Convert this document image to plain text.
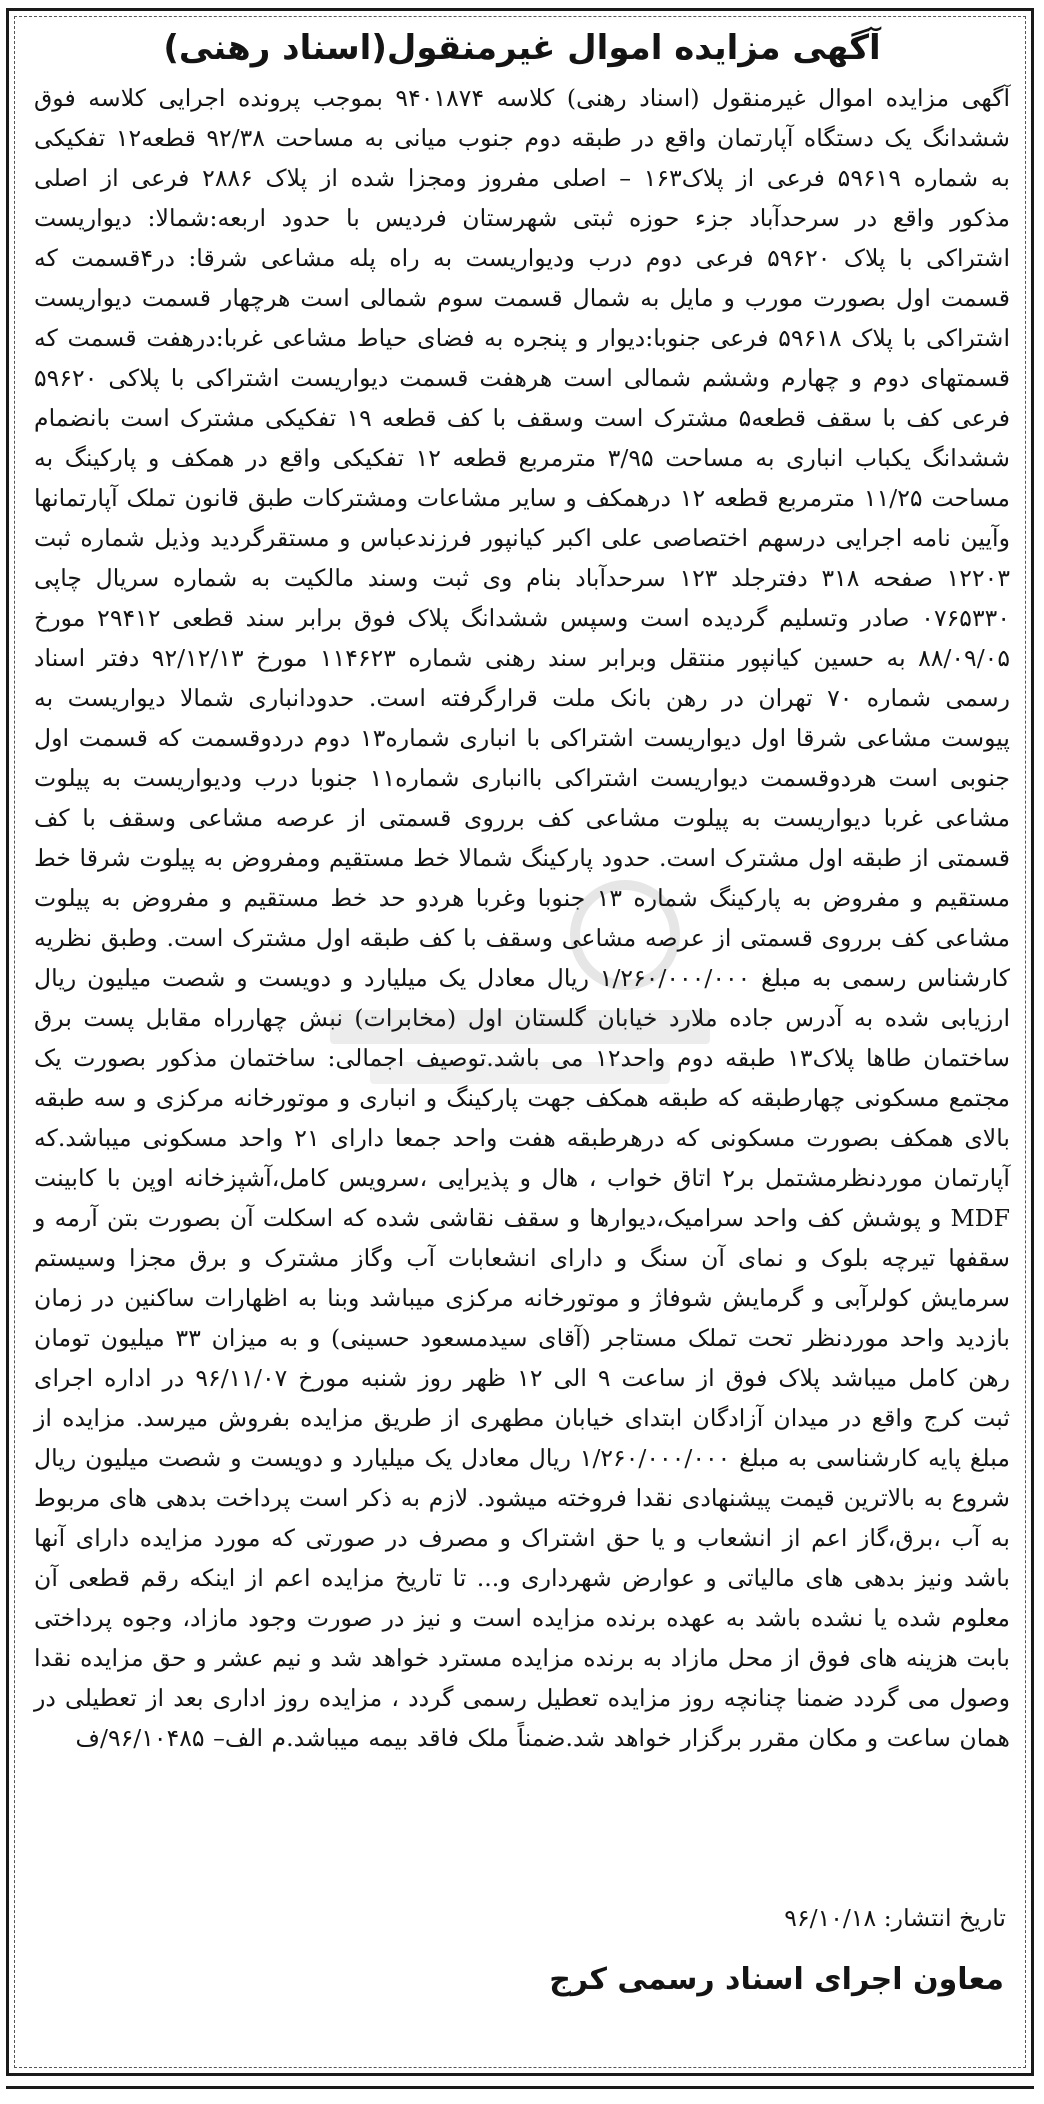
آگهی مزایده اموال غیرمنقول(اسناد رهنی)

آگهی مزایده اموال غیرمنقول (اسناد رهنی) کلاسه ۹۴۰۱۸۷۴ بموجب پرونده اجرایی کلاسه فوق ششدانگ یک دستگاه آپارتمان واقع در طبقه دوم جنوب میانی به مساحت ۹۲/۳۸ قطعه۱۲ تفکیکی به شماره ۵۹۶۱۹ فرعی از پلاک۱۶۳ – اصلی مفروز ومجزا شده از پلاک ۲۸۸۶ فرعی از اصلی مذکور واقع در سرحدآباد جزء حوزه ثبتی شهرستان فردیس با حدود اربعه:شمالا: دیواریست اشتراکی با پلاک ۵۹۶۲۰ فرعی دوم درب ودیواریست به راه پله مشاعی شرقا: در۴قسمت که قسمت اول بصورت مورب و مایل به شمال قسمت سوم شمالی است هرچهار قسمت دیواریست اشتراکی با پلاک ۵۹۶۱۸ فرعی جنوبا:دیوار و پنجره به فضای حیاط مشاعی غربا:درهفت قسمت که قسمتهای دوم و چهارم وششم شمالی است هرهفت قسمت دیواریست اشتراکی با پلاکی ۵۹۶۲۰ فرعی کف با سقف قطعه۵ مشترک است وسقف با کف قطعه ۱۹ تفکیکی مشترک است بانضمام ششدانگ یکباب انباری به مساحت ۳/۹۵ مترمربع قطعه ۱۲ تفکیکی واقع در همکف و پارکینگ به مساحت ۱۱/۲۵ مترمربع قطعه ۱۲ درهمکف و سایر مشاعات ومشترکات طبق قانون تملک آپارتمانها وآیین نامه اجرایی درسهم اختصاصی علی اکبر کیانپور فرزندعباس و مستقرگردید وذیل شماره ثبت ۱۲۲۰۳ صفحه ۳۱۸ دفترجلد ۱۲۳ سرحدآباد بنام وی ثبت وسند مالکیت به شماره سریال چاپی ۰۷۶۵۳۳۰ صادر وتسلیم گردیده است وسپس ششدانگ پلاک فوق برابر سند قطعی ۲۹۴۱۲ مورخ ۸۸/۰۹/۰۵ به حسین کیانپور منتقل وبرابر سند رهنی شماره ۱۱۴۶۲۳ مورخ ۹۲/۱۲/۱۳ دفتر اسناد رسمی شماره ۷۰ تهران در رهن بانک ملت قرارگرفته است. حدودانباری شمالا دیواریست به پیوست مشاعی شرقا اول دیواریست اشتراکی با انباری شماره۱۳ دوم دردوقسمت که قسمت اول جنوبی است هردوقسمت دیواریست اشتراکی باانباری شماره۱۱ جنوبا درب ودیواریست به پیلوت مشاعی غربا دیواریست به پیلوت مشاعی کف برروی قسمتی از عرصه مشاعی وسقف با کف قسمتی از طبقه اول مشترک است. حدود پارکینگ شمالا خط مستقیم ومفروض به پیلوت شرقا خط مستقیم و مفروض به پارکینگ شماره ۱۳ جنوبا وغربا هردو حد خط مستقیم و مفروض به پیلوت مشاعی کف برروی قسمتی از عرصه مشاعی وسقف با کف طبقه اول مشترک است. وطبق نظریه کارشناس رسمی به مبلغ ۱/۲۶۰/۰۰۰/۰۰۰ ریال معادل یک میلیارد و دویست و شصت میلیون ریال ارزیابی شده به آدرس جاده ملارد خیابان گلستان اول (مخابرات) نبش چهارراه مقابل پست برق ساختمان طاها پلاک۱۳ طبقه دوم واحد۱۲ می باشد.توصیف اجمالی: ساختمان مذکور بصورت یک مجتمع مسکونی چهارطبقه که طبقه همکف جهت پارکینگ و انباری و موتورخانه مرکزی و سه طبقه بالای همکف بصورت مسکونی که درهرطبقه هفت واحد جمعا دارای ۲۱ واحد مسکونی میباشد.که آپارتمان موردنظرمشتمل بر۲ اتاق خواب ، هال و پذیرایی ،سرویس کامل،آشپزخانه اوپن با کابینت MDF و پوشش کف واحد سرامیک،دیوارها و سقف نقاشی شده که اسکلت آن بصورت بتن آرمه و سقفها تیرچه بلوک و نمای آن سنگ و دارای انشعابات آب وگاز مشترک و برق مجزا وسیستم سرمایش کولرآبی و گرمایش شوفاژ و موتورخانه مرکزی میباشد وبنا به اظهارات ساکنین در زمان بازدید واحد موردنظر تحت تملک مستاجر (آقای سیدمسعود حسینی) و به میزان ۳۳ میلیون تومان رهن کامل میباشد پلاک فوق از ساعت ۹ الی ۱۲ ظهر روز شنبه مورخ ۹۶/۱۱/۰۷ در اداره اجرای ثبت کرج واقع در میدان آزادگان ابتدای خیابان مطهری از طریق مزایده بفروش میرسد. مزایده از مبلغ پایه کارشناسی به مبلغ ۱/۲۶۰/۰۰۰/۰۰۰ ریال معادل یک میلیارد و دویست و شصت میلیون ریال شروع به بالاترین قیمت پیشنهادی نقدا فروخته میشود. لازم به ذکر است پرداخت بدهی های مربوط به آب ،برق،گاز اعم از انشعاب و یا حق اشتراک و مصرف در صورتی که مورد مزایده دارای آنها باشد ونیز بدهی های مالیاتی و عوارض شهرداری و... تا تاریخ مزایده اعم از اینکه رقم قطعی آن معلوم شده یا نشده باشد به عهده برنده مزایده است و نیز در صورت وجود مازاد، وجوه پرداختی بابت هزینه های فوق از محل مازاد به برنده مزایده مسترد خواهد شد و نیم عشر و حق مزایده نقدا وصول می گردد ضمنا چنانچه روز مزایده تعطیل رسمی گردد ، مزایده روز اداری بعد از تعطیلی در همان ساعت و مکان مقرر برگزار خواهد شد.ضمناً ملک فاقد بیمه میباشد.م الف– ۹۶/۱۰۴۸۵/ف

تاریخ انتشار: ۹۶/۱۰/۱۸

معاون اجرای اسناد رسمی کرج
